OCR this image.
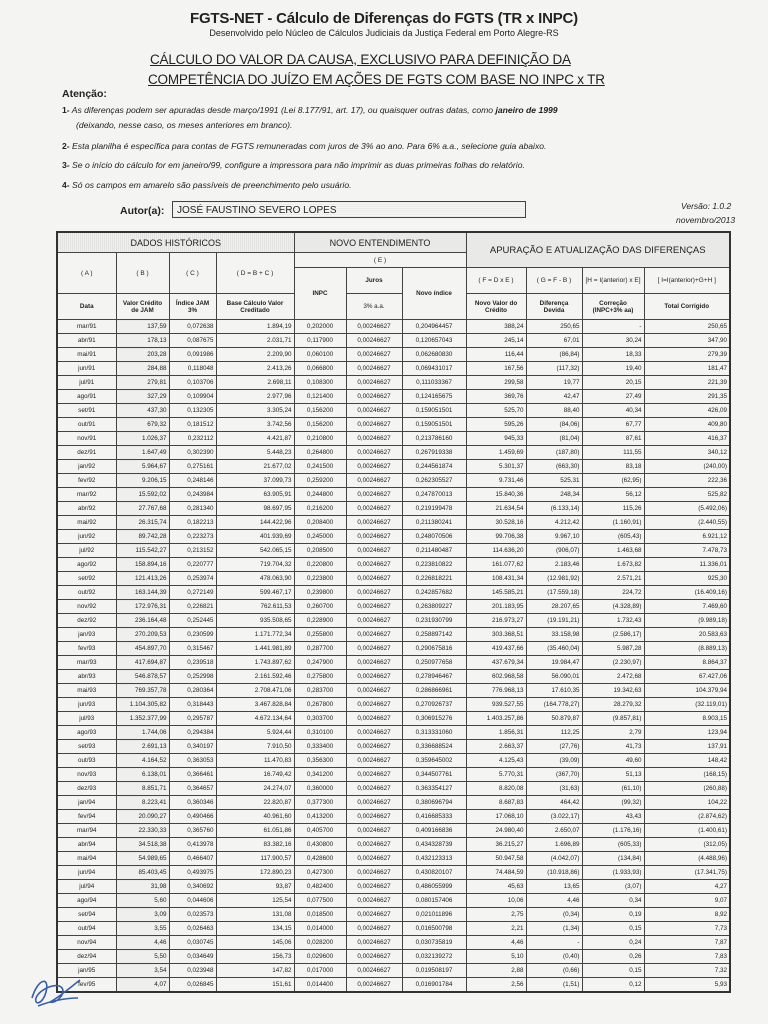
FGTS-NET - Cálculo de Diferenças do FGTS (TR x INPC)
Desenvolvido pelo Núcleo de Cálculos Judiciais da Justiça Federal em Porto Alegre-RS
CÁLCULO DO VALOR DA CAUSA, EXCLUSIVO PARA DEFINIÇÃO DA
COMPETÊNCIA DO JUÍZO EM AÇÕES DE FGTS COM BASE NO INPC x TR
Atenção:
1- As diferenças podem ser apuradas desde março/1991 (Lei 8.177/91, art. 17), ou quaisquer outras datas, como janeiro de 1999
(deixando, nesse caso, os meses anteriores em branco).
2- Esta planilha é específica para contas de FGTS remuneradas com juros de 3% ao ano. Para 6% a.a., selecione guia abaixo.
3- Se o início do cálculo for em janeiro/99, configure a impressora para não imprimir as duas primeiras folhas do relatório.
4- Só os campos em amarelo são passíveis de preenchimento pelo usuário.
Autor(a):	JOSÉ FAUSTINO SEVERO LOPES	Versão: 1.0.2
novembro/2013
DADOS HISTÓRICOS				NOVO ENTENDIMENTO			APURAÇÃO E ATUALIZAÇÃO DAS DIFERENÇAS			
( A )	( B )	( C )	( D = B + C )	( E )						
				INPC	Juros	Novo índice	( F = D x E )	( G = F - B )	[H = I(anterior) x E]	[ I=I(anterior)+G+H ]
Data	Valor Crédito de JAM	Índice JAM 3%	Base Cálculo Valor Creditado		3% a.a.		Novo Valor do Crédito	Diferença Devida	Correção (INPC+3% aa)	Total Corrigido
mar/91	137,59	0,072638	1.894,19	0,202000	0,00246627	0,204964457	388,24	250,65	-	250,65
abr/91	178,13	0,087675	2.031,71	0,117900	0,00246627	0,120657043	245,14	67,01	30,24	347,90
mai/91	203,28	0,091986	2.209,90	0,060100	0,00246627	0,062680830	116,44	(86,84)	18,33	279,39
jun/91	284,88	0,118048	2.413,26	0,066800	0,00246627	0,069431017	167,56	(117,32)	19,40	181,47
jul/91	279,81	0,103706	2.698,11	0,108300	0,00246627	0,111033367	299,58	19,77	20,15	221,39
ago/91	327,29	0,109904	2.977,96	0,121400	0,00246627	0,124165675	369,76	42,47	27,49	291,35
set/91	437,30	0,132305	3.305,24	0,156200	0,00246627	0,159051501	525,70	88,40	40,34	426,09
out/91	679,32	0,181512	3.742,56	0,156200	0,00246627	0,159051501	595,26	(84,06)	67,77	409,80
nov/91	1.026,37	0,232112	4.421,87	0,210800	0,00246627	0,213786160	945,33	(81,04)	87,61	416,37
dez/91	1.647,49	0,302390	5.448,23	0,264800	0,00246627	0,267919338	1.459,69	(187,80)	111,55	340,12
jan/92	5.964,67	0,275161	21.677,02	0,241500	0,00246627	0,244561874	5.301,37	(663,30)	83,18	(240,00)
fev/92	9.206,15	0,248146	37.099,73	0,259200	0,00246627	0,262305527	9.731,46	525,31	(62,95)	222,36
mar/92	15.592,02	0,243984	63.905,91	0,244800	0,00246627	0,247870013	15.840,36	248,34	56,12	525,82
abr/92	27.767,68	0,281340	98.697,95	0,216200	0,00246627	0,219199478	21.634,54	(6.133,14)	115,26	(5.492,06)
mai/92	26.315,74	0,182213	144.422,96	0,208400	0,00246627	0,211380241	30.528,16	4.212,42	(1.160,91)	(2.440,55)
jun/92	89.742,28	0,223273	401.939,69	0,245000	0,00246627	0,248070506	99.706,38	9.967,10	(605,43)	6.921,12
jul/92	115.542,27	0,213152	542.065,15	0,208500	0,00246627	0,211480487	114.636,20	(906,07)	1.463,68	7.478,73
ago/92	158.894,16	0,220777	719.704,32	0,220800	0,00246627	0,223810822	161.077,62	2.183,46	1.673,82	11.336,01
set/92	121.413,26	0,253974	478.063,90	0,223800	0,00246627	0,226818221	108.431,34	(12.981,92)	2.571,21	925,30
out/92	163.144,39	0,272149	599.467,17	0,239800	0,00246627	0,242857682	145.585,21	(17.559,18)	224,72	(16.409,16)
nov/92	172.976,31	0,226821	762.611,53	0,260700	0,00246627	0,263809227	201.183,95	28.207,65	(4.328,89)	7.469,60
dez/92	236.164,48	0,252445	935.508,65	0,228900	0,00246627	0,231930799	216.973,27	(19.191,21)	1.732,43	(9.989,18)
jan/93	270.209,53	0,230599	1.171.772,34	0,255800	0,00246627	0,258897142	303.368,51	33.158,98	(2.586,17)	20.583,63
fev/93	454.897,70	0,315467	1.441.981,89	0,287700	0,00246627	0,290675816	419.437,66	(35.460,04)	5.987,28	(8.889,13)
mar/93	417.694,87	0,239518	1.743.897,62	0,247900	0,00246627	0,250977658	437.679,34	19.984,47	(2.230,97)	8.864,37
abr/93	546.878,57	0,252998	2.161.592,46	0,275800	0,00246627	0,278946467	602.968,58	56.090,01	2.472,68	67.427,06
mai/93	769.357,78	0,280364	2.708.471,06	0,283700	0,00246627	0,286866961	776.968,13	17.610,35	19.342,63	104.379,94
jun/93	1.104.305,82	0,318443	3.467.828,84	0,267800	0,00246627	0,270926737	939.527,55	(164.778,27)	28.279,32	(32.119,01)
jul/93	1.352.377,99	0,295787	4.672.134,64	0,303700	0,00246627	0,306915276	1.403.257,86	50.879,87	(9.857,81)	8.903,15
ago/93	1.744,06	0,294384	5.924,44	0,310100	0,00246627	0,313331060	1.856,31	112,25	2,79	123,94
set/93	2.691,13	0,340197	7.910,50	0,333400	0,00246627	0,336688524	2.663,37	(27,76)	41,73	137,91
out/93	4.164,52	0,363053	11.470,83	0,356300	0,00246627	0,359645002	4.125,43	(39,09)	49,60	148,42
nov/93	6.138,01	0,366461	16.749,42	0,341200	0,00246627	0,344507761	5.770,31	(367,70)	51,13	(168,15)
dez/93	8.851,71	0,364657	24.274,07	0,360000	0,00246627	0,363354127	8.820,08	(31,63)	(61,10)	(260,88)
jan/94	8.223,41	0,360346	22.820,87	0,377300	0,00246627	0,380696794	8.687,83	464,42	(99,32)	104,22
fev/94	20.090,27	0,490466	40.961,60	0,413200	0,00246627	0,416685333	17.068,10	(3.022,17)	43,43	(2.874,62)
mar/94	22.330,33	0,365760	61.051,86	0,405700	0,00246627	0,409166836	24.980,40	2.650,07	(1.176,16)	(1.400,61)
abr/94	34.518,38	0,413978	83.382,16	0,430800	0,00246627	0,434328739	36.215,27	1.696,89	(605,33)	(312,05)
mai/94	54.989,65	0,466407	117.900,57	0,428600	0,00246627	0,432123313	50.947,58	(4.042,07)	(134,84)	(4.488,96)
jun/94	85.403,45	0,493975	172.890,23	0,427300	0,00246627	0,430820107	74.484,59	(10.918,86)	(1.933,93)	(17.341,75)
jul/94	31,98	0,340692	93,87	0,482400	0,00246627	0,486055999	45,63	13,65	(3,07)	4,27
ago/94	5,60	0,044606	125,54	0,077500	0,00246627	0,080157406	10,06	4,46	0,34	9,07
set/94	3,09	0,023573	131,08	0,018500	0,00246627	0,021011896	2,75	(0,34)	0,19	8,92
out/94	3,55	0,026463	134,15	0,014000	0,00246627	0,016500798	2,21	(1,34)	0,15	7,73
nov/94	4,46	0,030745	145,06	0,028200	0,00246627	0,030735819	4,46	-	0,24	7,87
dez/94	5,50	0,034649	156,73	0,029600	0,00246627	0,032139272	5,10	(0,40)	0,26	7,83
jan/95	3,54	0,023948	147,82	0,017000	0,00246627	0,019508197	2,88	(0,66)	0,15	7,32
fev/95	4,07	0,026845	151,61	0,014400	0,00246627	0,016901784	2,56	(1,51)	0,12	5,93
